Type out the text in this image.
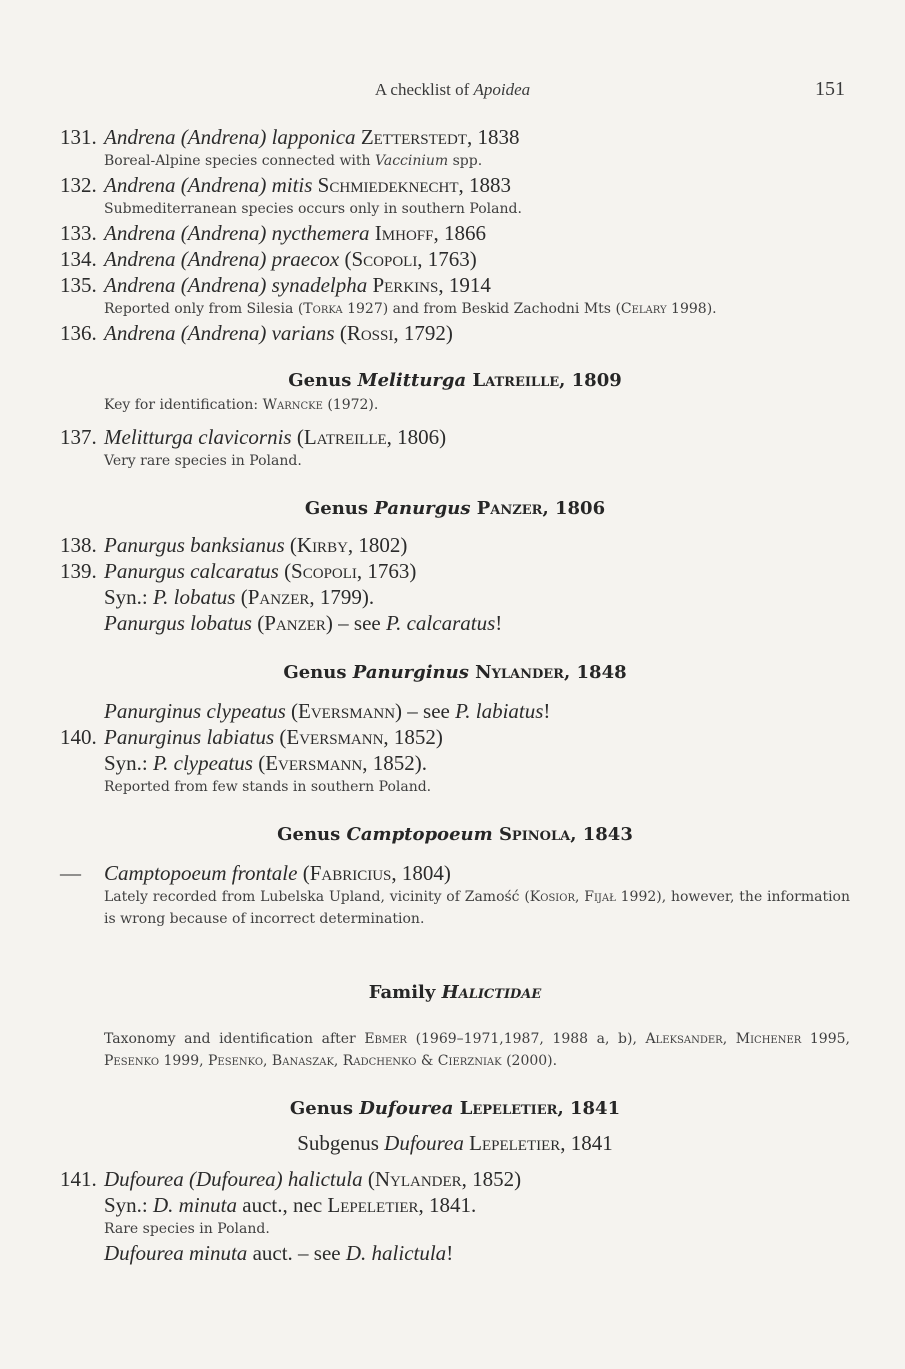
A checklist of Apoidea	151
131. Andrena (Andrena) lapponica Zetterstedt, 1838
Boreal-Alpine species connected with Vaccinium spp.
132. Andrena (Andrena) mitis Schmiedeknecht, 1883
Submediterranean species occurs only in southern Poland.
133. Andrena (Andrena) nycthemera Imhoff, 1866
134. Andrena (Andrena) praecox (Scopoli, 1763)
135. Andrena (Andrena) synadelpha Perkins, 1914
Reported only from Silesia (Torka 1927) and from Beskid Zachodni Mts (Celary 1998).
136. Andrena (Andrena) varians (Rossi, 1792)
Genus Melitturga Latreille, 1809
Key for identification: Warncke (1972).
137. Melitturga clavicornis (Latreille, 1806)
Very rare species in Poland.
Genus Panurgus Panzer, 1806
138. Panurgus banksianus (Kirby, 1802)
139. Panurgus calcaratus (Scopoli, 1763)
Syn.: P. lobatus (Panzer, 1799).
Panurgus lobatus (Panzer) – see P. calcaratus!
Genus Panurginus Nylander, 1848
Panurginus clypeatus (Eversmann) – see P. labiatus!
140. Panurginus labiatus (Eversmann, 1852)
Syn.: P. clypeatus (Eversmann, 1852).
Reported from few stands in southern Poland.
Genus Camptopoeum Spinola, 1843
—	Camptopoeum frontale (Fabricius, 1804)
Lately recorded from Lubelska Upland, vicinity of Zamość (Kosior, Fijał 1992), however, the information is wrong because of incorrect determination.
Family Halictidae
Taxonomy and identification after Ebmer (1969–1971,1987, 1988 a, b), Aleksander, Michener 1995, Pesenko 1999, Pesenko, Banaszak, Radchenko & Cierzniak (2000).
Genus Dufourea Lepeletier, 1841
Subgenus Dufourea Lepeletier, 1841
141. Dufourea (Dufourea) halictula (Nylander, 1852)
Syn.: D. minuta auct., nec Lepeletier, 1841.
Rare species in Poland.
Dufourea minuta auct. – see D. halictula!
